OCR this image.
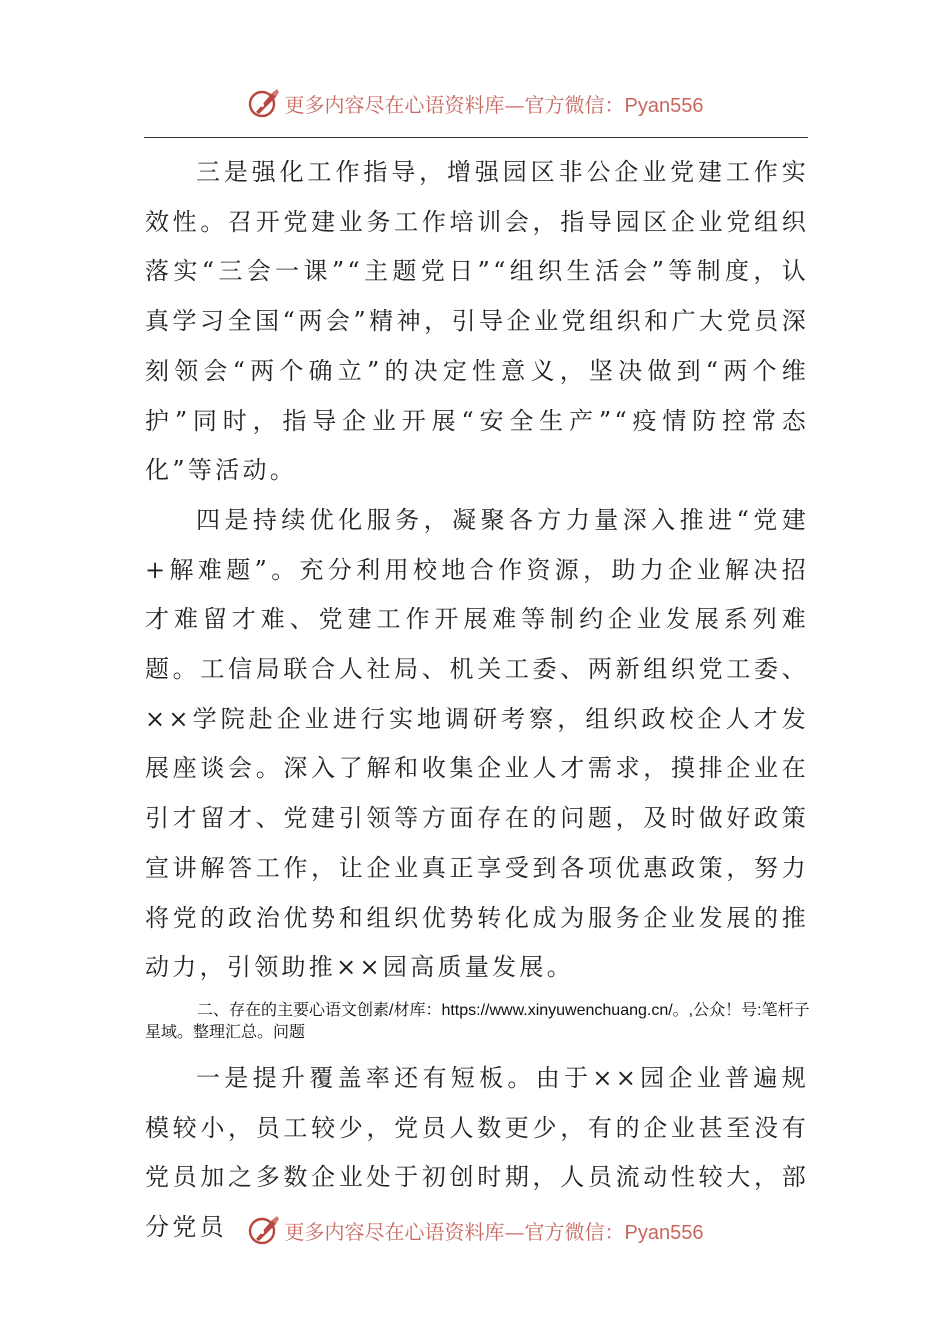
更多内容尽在心语资料库—官方微信：Pyan556

三是强化工作指导，增强园区非公企业党建工作实效性。召开党建业务工作培训会，指导园区企业党组织落实“三会一课”“主题党日”“组织生活会”等制度，认真学习全国“两会”精神，引导企业党组织和广大党员深刻领会“两个确立”的决定性意义，坚决做到“两个维护”同时，指导企业开展“安全生产”“疫情防控常态化”等活动。

四是持续优化服务，凝聚各方力量深入推进“党建+解难题”。充分利用校地合作资源，助力企业解决招才难留才难、党建工作开展难等制约企业发展系列难题。工信局联合人社局、机关工委、两新组织党工委、××学院赴企业进行实地调研考察，组织政校企人才发展座谈会。深入了解和收集企业人才需求，摸排企业在引才留才、党建引领等方面存在的问题，及时做好政策宣讲解答工作，让企业真正享受到各项优惠政策，努力将党的政治优势和组织优势转化成为服务企业发展的推动力，引领助推××园高质量发展。

二、存在的主要心语文创素/材库：https://www.xinyuwenchuang.cn/。,公众！号:笔杆子星域。整理汇总。问题

一是提升覆盖率还有短板。由于××园企业普遍规模较小，员工较少，党员人数更少，有的企业甚至没有党员加之多数企业处于初创时期，人员流动性较大，部分党员	更多内容尽在心语资料库—官方微信：Pyan556
